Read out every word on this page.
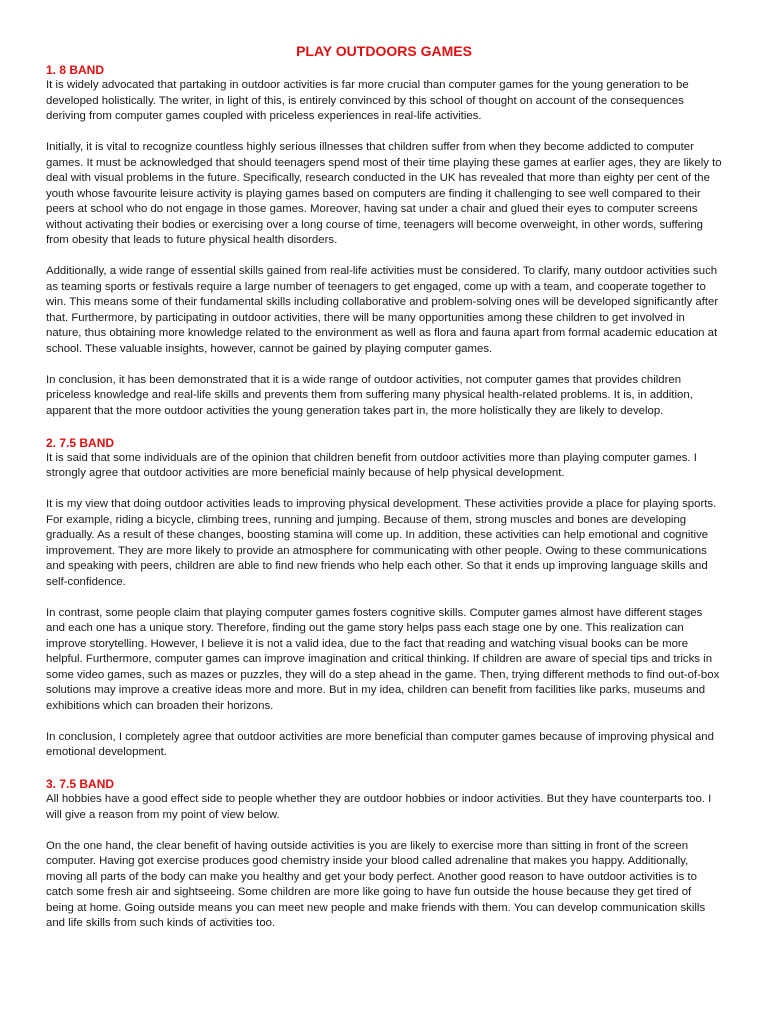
PLAY OUTDOORS GAMES
1. 8 BAND

It is widely advocated that partaking in outdoor activities is far more crucial than computer games for the young generation to be developed holistically. The writer, in light of this, is entirely convinced by this school of thought on account of the consequences deriving from computer games coupled with priceless experiences in real-life activities.

Initially, it is vital to recognize countless highly serious illnesses that children suffer from when they become addicted to computer games. It must be acknowledged that should teenagers spend most of their time playing these games at earlier ages, they are likely to deal with visual problems in the future. Specifically, research conducted in the UK has revealed that more than eighty per cent of the youth whose favourite leisure activity is playing games based on computers are finding it challenging to see well compared to their peers at school who do not engage in those games. Moreover, having sat under a chair and glued their eyes to computer screens without activating their bodies or exercising over a long course of time, teenagers will become overweight, in other words, suffering from obesity that leads to future physical health disorders.

Additionally, a wide range of essential skills gained from real-life activities must be considered. To clarify, many outdoor activities such as teaming sports or festivals require a large number of teenagers to get engaged, come up with a team, and cooperate together to win. This means some of their fundamental skills including collaborative and problem-solving ones will be developed significantly after that. Furthermore, by participating in outdoor activities, there will be many opportunities among these children to get involved in nature, thus obtaining more knowledge related to the environment as well as flora and fauna apart from formal academic education at school. These valuable insights, however, cannot be gained by playing computer games.

In conclusion, it has been demonstrated that it is a wide range of outdoor activities, not computer games that provides children priceless knowledge and real-life skills and prevents them from suffering many physical health-related problems. It is, in addition, apparent that the more outdoor activities the young generation takes part in, the more holistically they are likely to develop.

2. 7.5 BAND

It is said that some individuals are of the opinion that children benefit from outdoor activities more than playing computer games. I strongly agree that outdoor activities are more beneficial mainly because of help physical development.

It is my view that doing outdoor activities leads to improving physical development. These activities provide a place for playing sports. For example, riding a bicycle, climbing trees, running and jumping. Because of them, strong muscles and bones are developing gradually. As a result of these changes, boosting stamina will come up. In addition, these activities can help emotional and cognitive improvement. They are more likely to provide an atmosphere for communicating with other people. Owing to these communications and speaking with peers, children are able to find new friends who help each other. So that it ends up improving language skills and self-confidence.

In contrast, some people claim that playing computer games fosters cognitive skills. Computer games almost have different stages and each one has a unique story. Therefore, finding out the game story helps pass each stage one by one. This realization can improve storytelling. However, I believe it is not a valid idea, due to the fact that reading and watching visual books can be more helpful. Furthermore, computer games can improve imagination and critical thinking. If children are aware of special tips and tricks in some video games, such as mazes or puzzles, they will do a step ahead in the game. Then, trying different methods to find out-of-box solutions may improve a creative ideas more and more. But in my idea, children can benefit from facilities like parks, museums and exhibitions which can broaden their horizons.

In conclusion, I completely agree that outdoor activities are more beneficial than computer games because of improving physical and emotional development.

3. 7.5 BAND

All hobbies have a good effect side to people whether they are outdoor hobbies or indoor activities. But they have counterparts too. I will give a reason from my point of view below.

On the one hand, the clear benefit of having outside activities is you are likely to exercise more than sitting in front of the screen computer. Having got exercise produces good chemistry inside your blood called adrenaline that makes you happy. Additionally, moving all parts of the body can make you healthy and get your body perfect. Another good reason to have outdoor activities is to catch some fresh air and sightseeing. Some children are more like going to have fun outside the house because they get tired of being at home. Going outside means you can meet new people and make friends with them. You can develop communication skills and life skills from such kinds of activities too.
